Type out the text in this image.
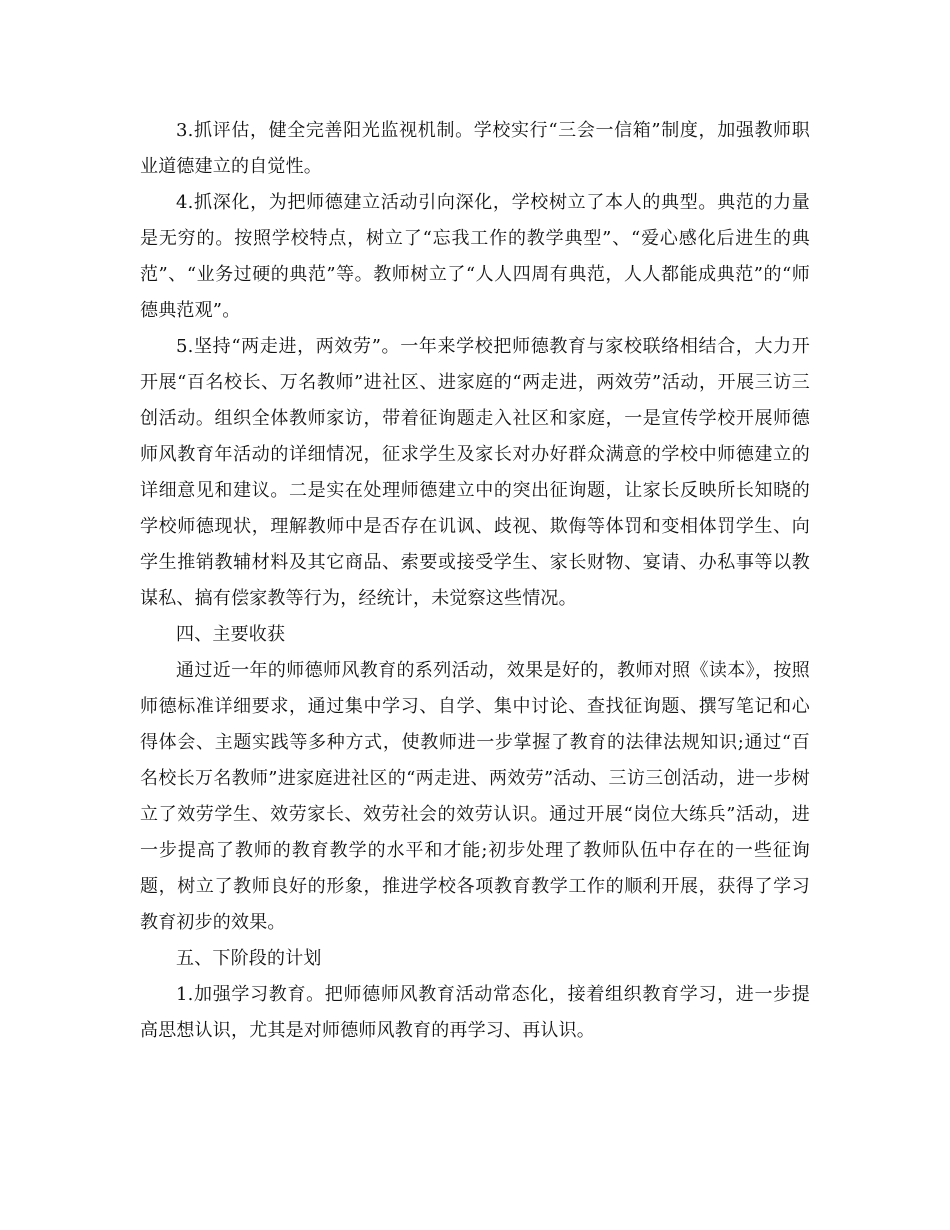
3.抓评估，健全完善阳光监视机制。学校实行“三会一信箱”制度，加强教师职业道德建立的自觉性。

4.抓深化，为把师德建立活动引向深化，学校树立了本人的典型。典范的力量是无穷的。按照学校特点，树立了“忘我工作的教学典型”、“爱心感化后进生的典范”、“业务过硬的典范”等。教师树立了“人人四周有典范，人人都能成典范”的“师德典范观”。

5.坚持“两走进，两效劳”。一年来学校把师德教育与家校联络相结合，大力开开展“百名校长、万名教师”进社区、进家庭的“两走进，两效劳”活动，开展三访三创活动。组织全体教师家访，带着征询题走入社区和家庭，一是宣传学校开展师德师风教育年活动的详细情况，征求学生及家长对办好群众满意的学校中师德建立的详细意见和建议。二是实在处理师德建立中的突出征询题，让家长反映所长知晓的学校师德现状，理解教师中是否存在讥讽、歧视、欺侮等体罚和变相体罚学生、向学生推销教辅材料及其它商品、索要或接受学生、家长财物、宴请、办私事等以教谋私、搞有偿家教等行为，经统计，未觉察这些情况。

四、主要收获

通过近一年的师德师风教育的系列活动，效果是好的，教师对照《读本》，按照师德标准详细要求，通过集中学习、自学、集中讨论、查找征询题、撰写笔记和心得体会、主题实践等多种方式，使教师进一步掌握了教育的法律法规知识;通过“百名校长万名教师”进家庭进社区的“两走进、两效劳”活动、三访三创活动，进一步树立了效劳学生、效劳家长、效劳社会的效劳认识。通过开展“岗位大练兵”活动，进一步提高了教师的教育教学的水平和才能;初步处理了教师队伍中存在的一些征询题，树立了教师良好的形象，推进学校各项教育教学工作的顺利开展，获得了学习教育初步的效果。

五、下阶段的计划

1.加强学习教育。把师德师风教育活动常态化，接着组织教育学习，进一步提高思想认识，尤其是对师德师风教育的再学习、再认识。
